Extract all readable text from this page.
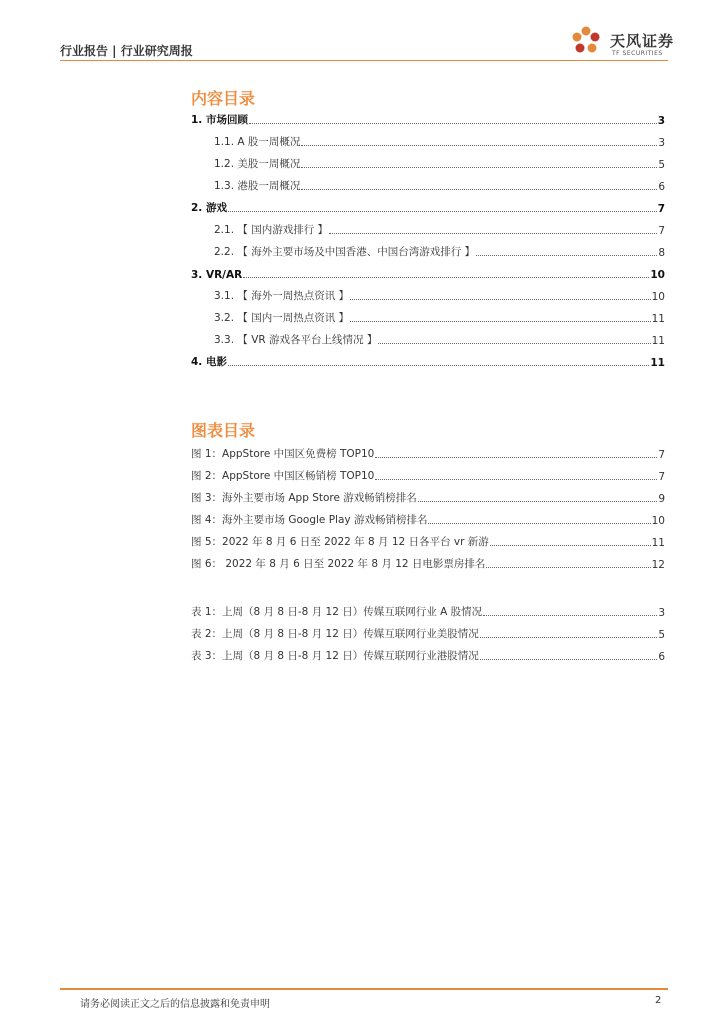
行业报告 | 行业研究周报
天风证券
TF SECURITIES
内容目录
1. 市场回顾	3
1.1. A 股一周概况	3
1.2. 美股一周概况	5
1.3. 港股一周概况	6
2. 游戏	7
2.1. 【 国内游戏排行 】	7
2.2. 【 海外主要市场及中国香港、中国台湾游戏排行 】	8
3. VR/AR	10
3.1. 【 海外一周热点资讯 】	10
3.2. 【 国内一周热点资讯 】	11
3.3. 【 VR 游戏各平台上线情况 】	11
4. 电影	11
图表目录
图 1：AppStore 中国区免费榜 TOP10	7
图 2：AppStore 中国区畅销榜 TOP10	7
图 3：海外主要市场 App Store 游戏畅销榜排名	9
图 4：海外主要市场 Google Play 游戏畅销榜排名	10
图 5：2022 年 8 月 6 日至 2022 年 8 月 12 日各平台 vr 新游	11
图 6： 2022 年 8 月 6 日至 2022 年 8 月 12 日电影票房排名	12
表 1：上周（8 月 8 日-8 月 12 日）传媒互联网行业 A 股情况	3
表 2：上周（8 月 8 日-8 月 12 日）传媒互联网行业美股情况	5
表 3：上周（8 月 8 日-8 月 12 日）传媒互联网行业港股情况	6
请务必阅读正文之后的信息披露和免责申明	2
